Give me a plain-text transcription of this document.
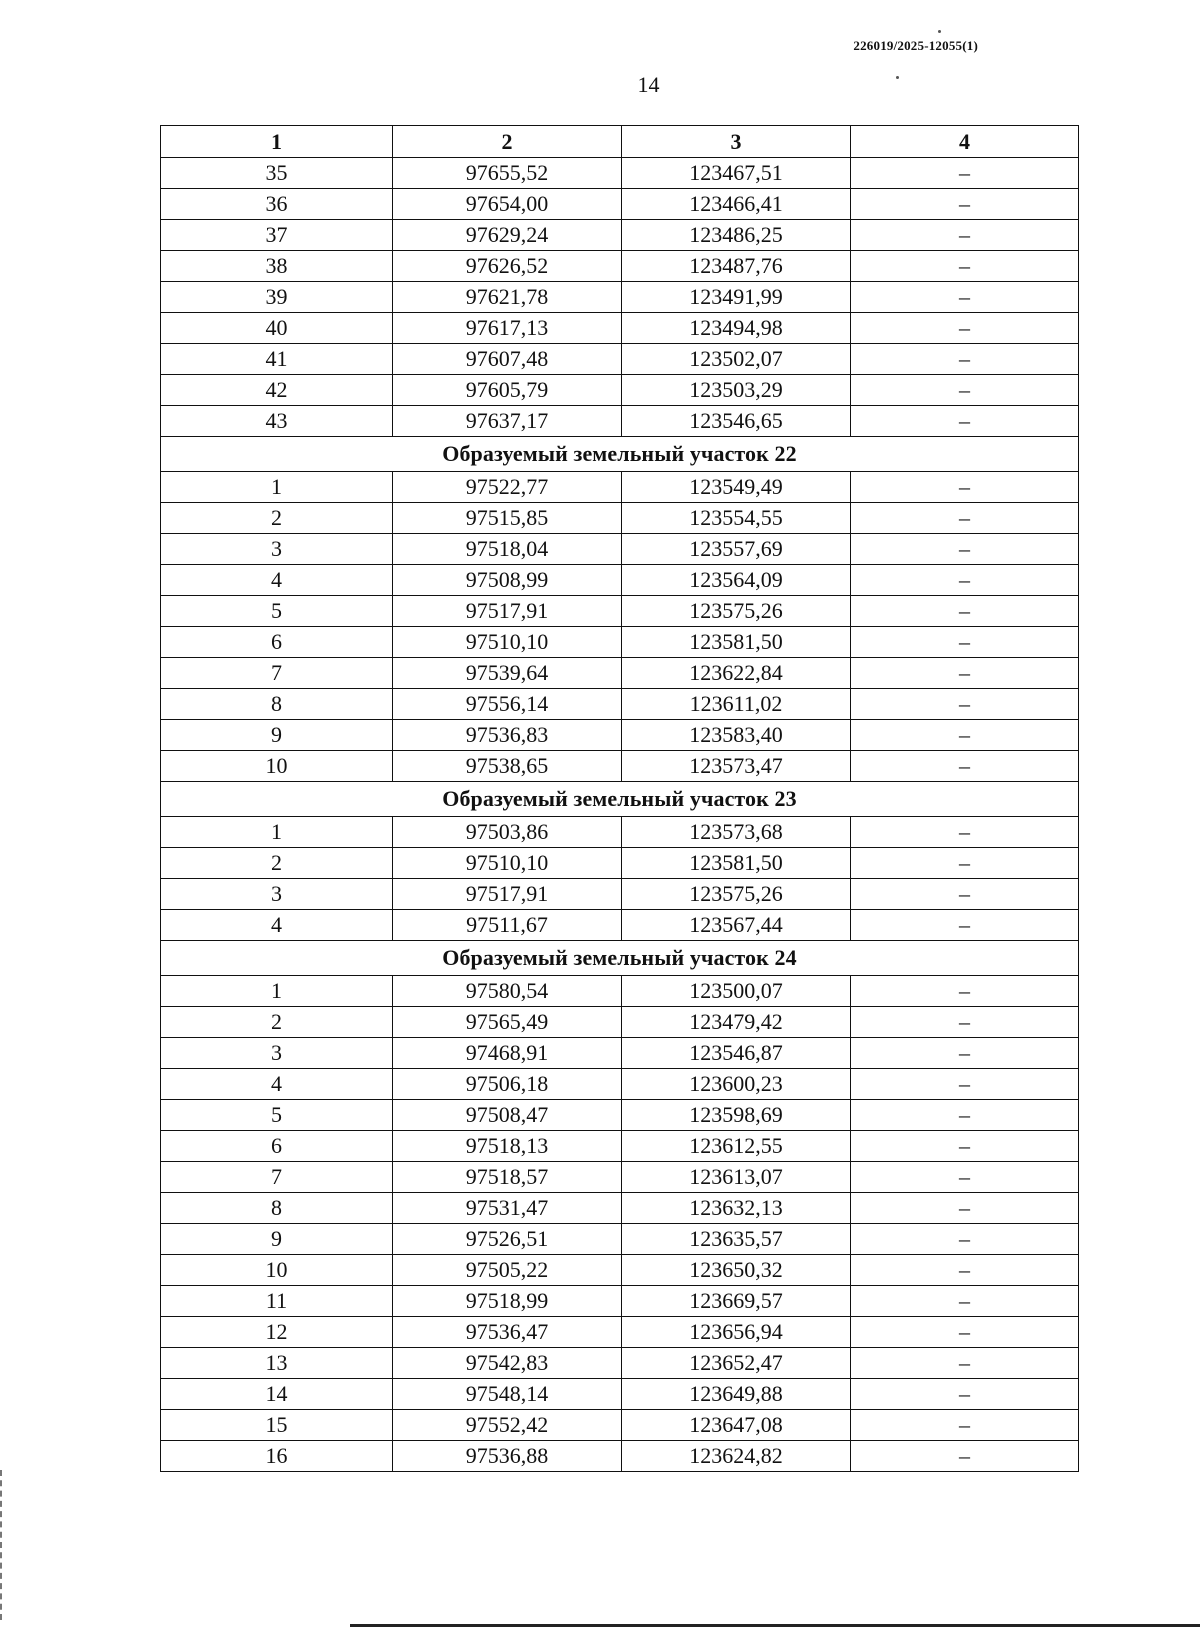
226019/2025-12055(1)
14
1	2	3	4
35	97655,52	123467,51	–
36	97654,00	123466,41	–
37	97629,24	123486,25	–
38	97626,52	123487,76	–
39	97621,78	123491,99	–
40	97617,13	123494,98	–
41	97607,48	123502,07	–
42	97605,79	123503,29	–
43	97637,17	123546,65	–
Образуемый земельный участок 22			
1	97522,77	123549,49	–
2	97515,85	123554,55	–
3	97518,04	123557,69	–
4	97508,99	123564,09	–
5	97517,91	123575,26	–
6	97510,10	123581,50	–
7	97539,64	123622,84	–
8	97556,14	123611,02	–
9	97536,83	123583,40	–
10	97538,65	123573,47	–
Образуемый земельный участок 23			
1	97503,86	123573,68	–
2	97510,10	123581,50	–
3	97517,91	123575,26	–
4	97511,67	123567,44	–
Образуемый земельный участок 24			
1	97580,54	123500,07	–
2	97565,49	123479,42	–
3	97468,91	123546,87	–
4	97506,18	123600,23	–
5	97508,47	123598,69	–
6	97518,13	123612,55	–
7	97518,57	123613,07	–
8	97531,47	123632,13	–
9	97526,51	123635,57	–
10	97505,22	123650,32	–
11	97518,99	123669,57	–
12	97536,47	123656,94	–
13	97542,83	123652,47	–
14	97548,14	123649,88	–
15	97552,42	123647,08	–
16	97536,88	123624,82	–
